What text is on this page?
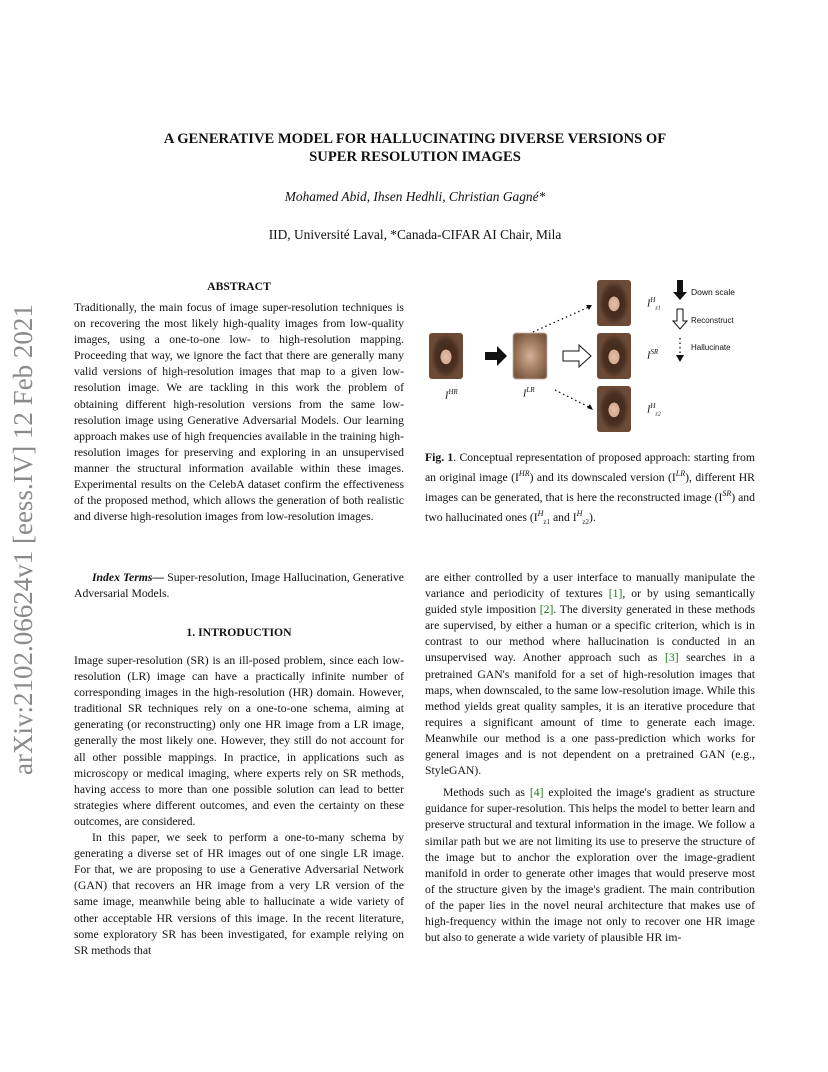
arXiv:2102.06624v1 [eess.IV] 12 Feb 2021
A GENERATIVE MODEL FOR HALLUCINATING DIVERSE VERSIONS OF
SUPER RESOLUTION IMAGES
Mohamed Abid, Ihsen Hedhli, Christian Gagné*
IID, Université Laval, *Canada-CIFAR AI Chair, Mila
ABSTRACT
Traditionally, the main focus of image super-resolution techniques is on recovering the most likely high-quality images from low-quality images, using a one-to-one low- to high-resolution mapping. Proceeding that way, we ignore the fact that there are generally many valid versions of high-resolution images that map to a given low-resolution image. We are tackling in this work the problem of obtaining different high-resolution versions from the same low-resolution image using Generative Adversarial Models. Our learning approach makes use of high frequencies available in the training high-resolution images for preserving and exploring in an unsupervised manner the structural information available within these images. Experimental results on the CelebA dataset confirm the effectiveness of the proposed method, which allows the generation of both realistic and diverse high-resolution images from low-resolution images.

Index Terms— Super-resolution, Image Hallucination, Generative Adversarial Models.

1. INTRODUCTION

Image super-resolution (SR) is an ill-posed problem, since each low-resolution (LR) image can have a practically infinite number of corresponding images in the high-resolution (HR) domain. However, traditional SR techniques rely on a one-to-one schema, aiming at generating (or reconstructing) only one HR image from a LR image, generally the most likely one. However, they still do not account for all other possible mappings. In practice, in applications such as microscopy or medical imaging, where experts rely on SR methods, having access to more than one possible solution can lead to better strategies where different outcomes, and even the certainty on these outcomes, are considered.

In this paper, we seek to perform a one-to-many schema by generating a diverse set of HR images out of one single LR image. For that, we are proposing to use a Generative Adversarial Network (GAN) that recovers an HR image from a very LR version of the same image, meanwhile being able to hallucinate a wide variety of other acceptable HR versions of this image. In the recent literature, some exploratory SR has been investigated, for example relying on SR methods that

$I^{HR}$	$I^{LR}$
$I^{SR}$
$I^H_{z1}$
$I^H_{z2}$
Down scale
Reconstruct
Hallucinate
Fig. 1. Conceptual representation of proposed approach: starting from an original image $(I^{HR})$ and its downscaled version $(I^{LR})$, different HR images can be generated, that is here the reconstructed image $(I^{SR})$ and two hallucinated ones ($I^H_{z1}$ and $I^H_{z2}$).

are either controlled by a user interface to manually manipulate the variance and periodicity of textures [1], or by using semantically guided style imposition [2]. The diversity generated in these methods are supervised, by either a human or a specific criterion, which is in contrast to our method where hallucination is conducted in an unsupervised way. Another approach such as [3] searches in a pretrained GAN's manifold for a set of high-resolution images that maps, when downscaled, to the same low-resolution image. While this method yields great quality samples, it is an iterative procedure that requires a significant amount of time to generate each image. Meanwhile our method is a one pass-prediction which works for general images and is not dependent on a pretrained GAN (e.g., StyleGAN).

Methods such as [4] exploited the image's gradient as structure guidance for super-resolution. This helps the model to better learn and preserve structural and textural information in the image. We follow a similar path but we are not limiting its use to preserve the structure of the image but to anchor the exploration over the image-gradient manifold in order to generate other images that would preserve most of the structure given by the image's gradient. The main contribution of the paper lies in the novel neural architecture that makes use of high-frequency within the image not only to recover one HR image but also to generate a wide variety of plausible HR im-
